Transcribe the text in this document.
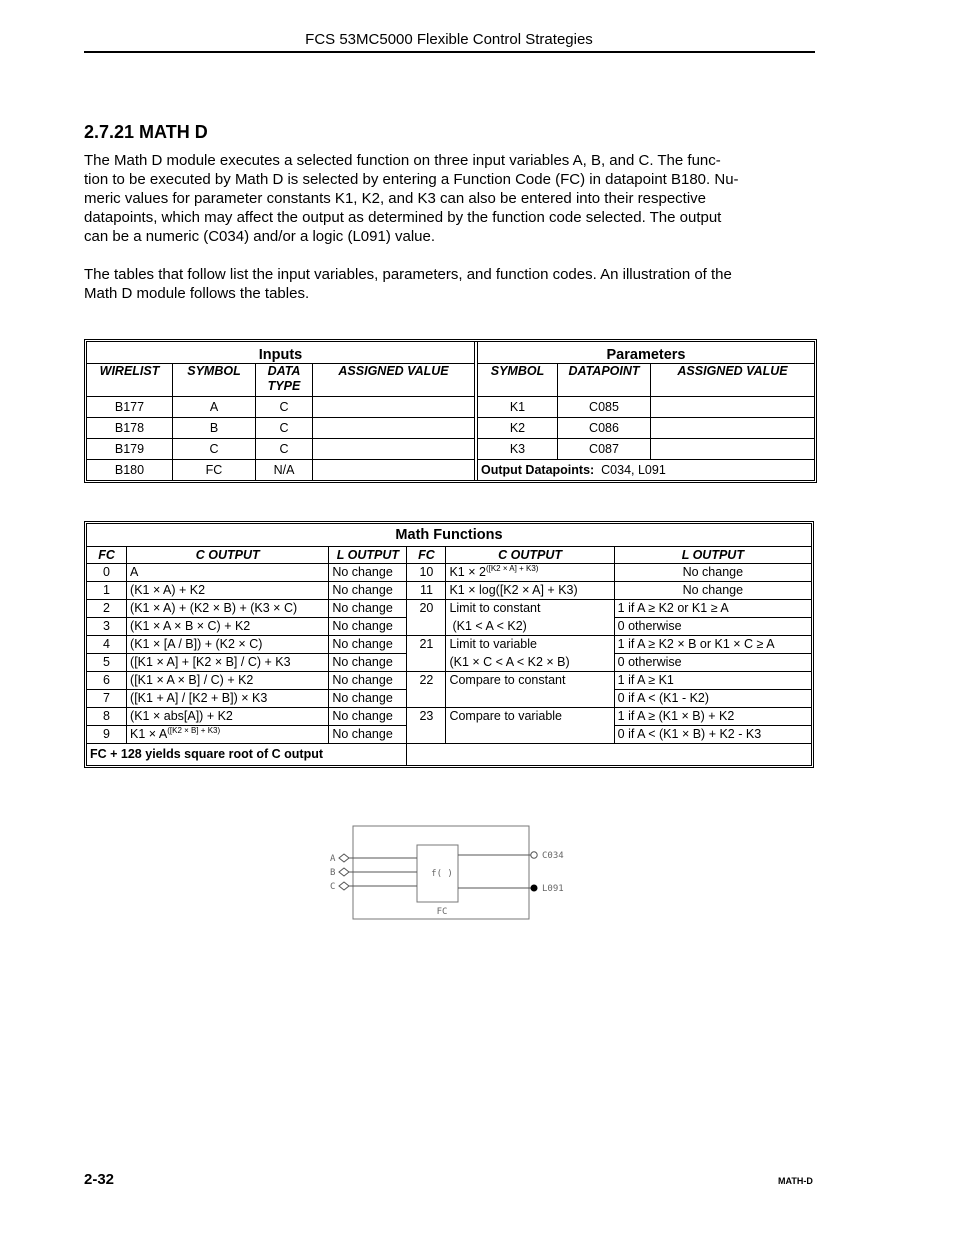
FCS 53MC5000 Flexible Control Strategies
2.7.21 MATH D
The Math D module executes a selected function on three input variables A, B, and C. The func-
tion to be executed by Math D is selected by entering a Function Code (FC) in datapoint B180. Nu-
meric values for parameter constants K1, K2, and K3 can also be entered into their respective
datapoints, which may affect the output as determined by the function code selected. The output
can be a numeric (C034) and/or a logic (L091) value.
The tables that follow list the input variables, parameters, and function codes. An illustration of the
Math D module follows the tables.
Inputs					Parameters		
WIRELIST	SYMBOL	DATA TYPE	ASSIGNED VALUE		SYMBOL	DATAPOINT	ASSIGNED VALUE
B177	A	C			K1	C085	
B178	B	C			K2	C086	
B179	C	C			K3	C087	
B180	FC	N/A			Output Datapoints: C034, L091		
Math Functions					
FC	C OUTPUT	L OUTPUT	FC	C OUTPUT	L OUTPUT
0	A	No change	10	$K1 \times 2^{([K2 \times A] + K3)}$	No change
1	(K1 × A) + K2	No change	11	K1 × log([K2 × A] + K3)	No change
2	(K1 × A) + (K2 × B) + (K3 × C)	No change	20	Limit to constant	1 if A ≥ K2 or K1 ≥ A
3	(K1 × A × B × C) + K2	No change		(K1 < A < K2)	0 otherwise
4	(K1 × [A / B]) + (K2 × C)	No change	21	Limit to variable	1 if A ≥ K2 × B or K1 × C ≥ A
5	([K1 × A] + [K2 × B] / C) + K3	No change		(K1 × C < A < K2 × B)	0 otherwise
6	([K1 × A × B] / C) + K2	No change	22	Compare to constant	1 if A ≥ K1
7	([K1 + A] / [K2 + B]) × K3	No change			0 if A < (K1 - K2)
8	(K1 × abs[A]) + K2	No change	23	Compare to variable	1 if A ≥ (K1 × B) + K2
9	$K1 \times A^{([K2 \times B] + K3)}$	No change			0 if A < (K1 × B) + K2 - K3
FC + 128 yields square root of C output					
f( )
FC
A
B
C
C034
L091
2-32	MATH-D
